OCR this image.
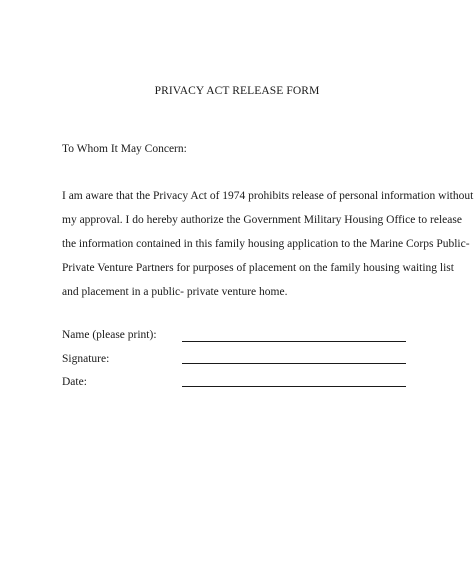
PRIVACY ACT RELEASE FORM
To Whom It May Concern:
I am aware that the Privacy Act of 1974 prohibits release of personal information without
my approval. I do hereby authorize the Government Military Housing Office to release
the information contained in this family housing application to the Marine Corps Public-
Private Venture Partners for purposes of placement on the family housing waiting list
and placement in a public- private venture home.
Name (please print):
Signature:
Date:
